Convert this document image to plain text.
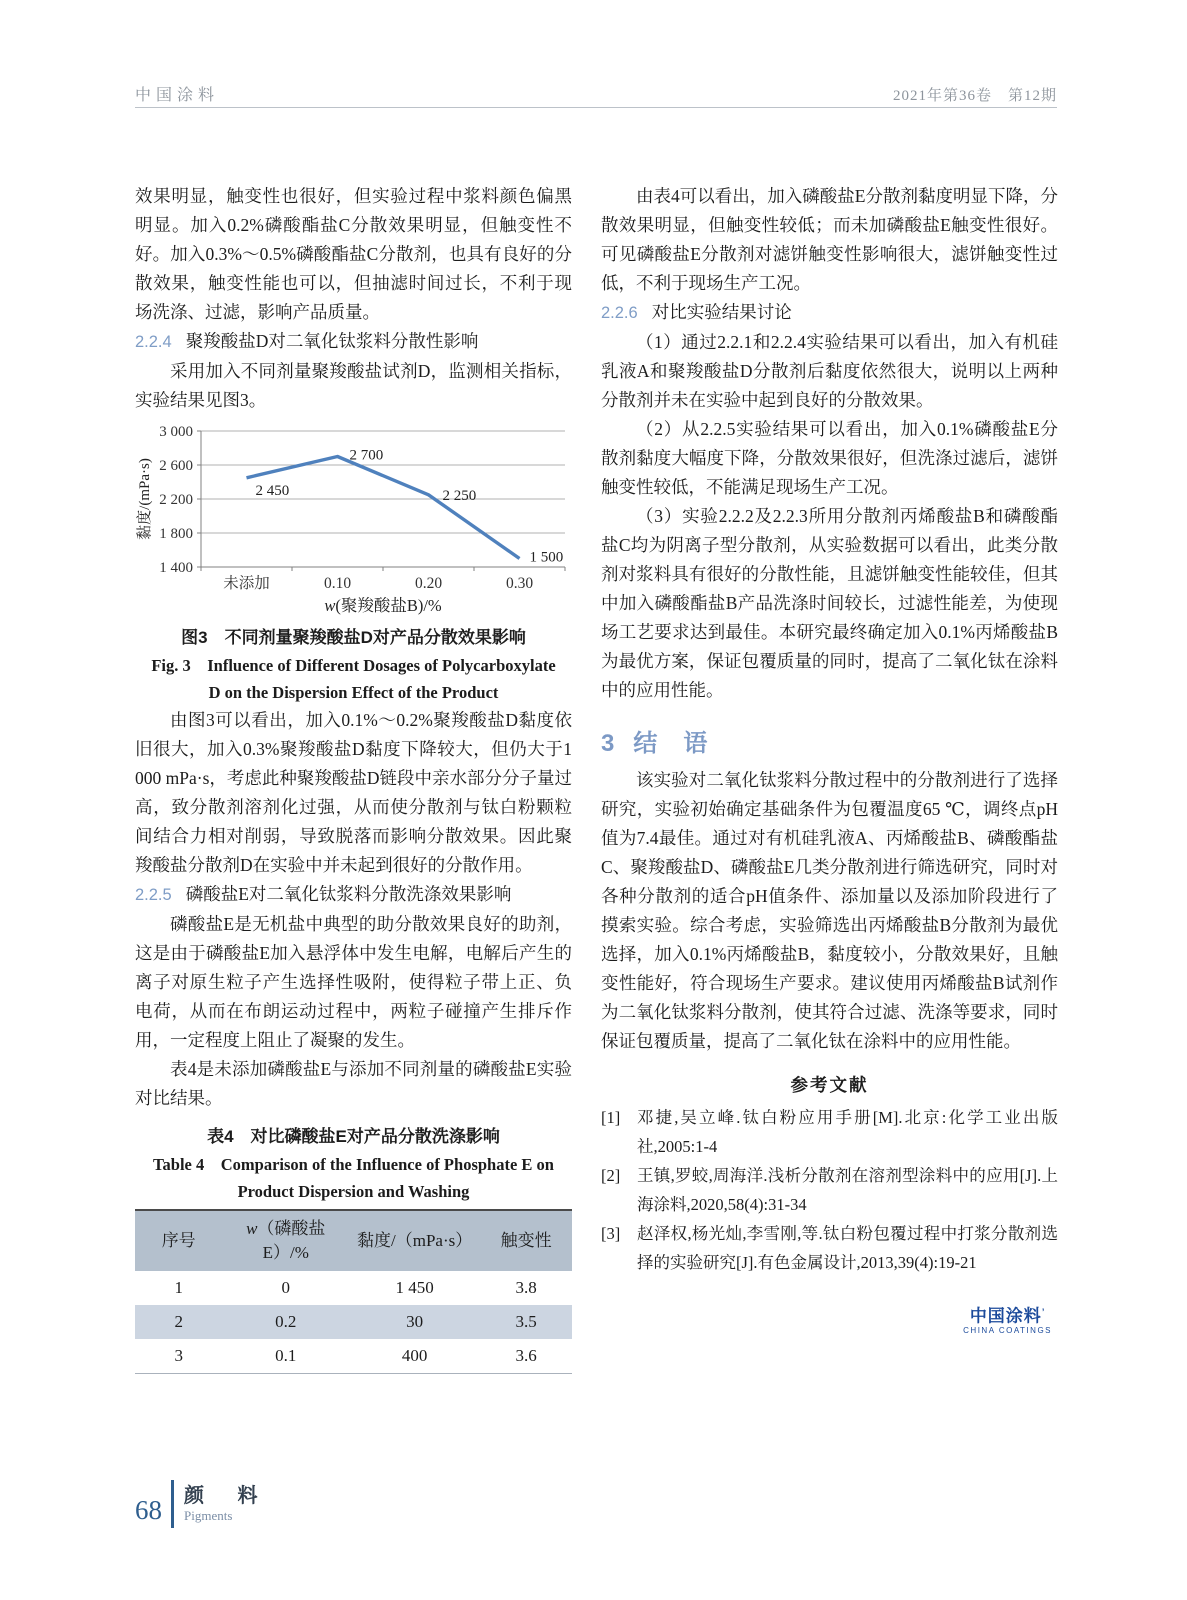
中国涂料	2021年第36卷　第12期

效果明显，触变性也很好，但实验过程中浆料颜色偏黑明显。加入0.2%磷酸酯盐C分散效果明显，但触变性不好。加入0.3%～0.5%磷酸酯盐C分散剂，也具有良好的分散效果，触变性能也可以，但抽滤时间过长，不利于现场洗涤、过滤，影响产品质量。

2.2.4 聚羧酸盐D对二氧化钛浆料分散性影响

采用加入不同剂量聚羧酸盐试剂D，监测相关指标，实验结果见图3。

1 400
1 800
2 200
2 600
3 000
未添加	0.10	0.20	0.30
2 450
2 700
2 250
1 500
黏度/(mPa·s)
w(聚羧酸盐B)/%
图3　不同剂量聚羧酸盐D对产品分散效果影响
Fig. 3　Influence of Different Dosages of Polycarboxylate
D on the Dispersion Effect of the Product

由图3可以看出，加入0.1%～0.2%聚羧酸盐D黏度依旧很大，加入0.3%聚羧酸盐D黏度下降较大，但仍大于1 000 mPa·s，考虑此种聚羧酸盐D链段中亲水部分分子量过高，致分散剂溶剂化过强，从而使分散剂与钛白粉颗粒间结合力相对削弱，导致脱落而影响分散效果。因此聚羧酸盐分散剂D在实验中并未起到很好的分散作用。

2.2.5 磷酸盐E对二氧化钛浆料分散洗涤效果影响

磷酸盐E是无机盐中典型的助分散效果良好的助剂，这是由于磷酸盐E加入悬浮体中发生电解，电解后产生的离子对原生粒子产生选择性吸附，使得粒子带上正、负电荷，从而在布朗运动过程中，两粒子碰撞产生排斥作用，一定程度上阻止了凝聚的发生。

表4是未添加磷酸盐E与添加不同剂量的磷酸盐E实验对比结果。

表4　对比磷酸盐E对产品分散洗涤影响
Table 4　Comparison of the Influence of Phosphate E on
Product Dispersion and Washing
序号	w（磷酸盐E）/%	黏度/（mPa·s）	触变性
1	0	1 450	3.8
2	0.2	30	3.5
3	0.1	400	3.6

由表4可以看出，加入磷酸盐E分散剂黏度明显下降，分散效果明显，但触变性较低；而未加磷酸盐E触变性很好。可见磷酸盐E分散剂对滤饼触变性影响很大，滤饼触变性过低，不利于现场生产工况。

2.2.6 对比实验结果讨论

（1）通过2.2.1和2.2.4实验结果可以看出，加入有机硅乳液A和聚羧酸盐D分散剂后黏度依然很大，说明以上两种分散剂并未在实验中起到良好的分散效果。

（2）从2.2.5实验结果可以看出，加入0.1%磷酸盐E分散剂黏度大幅度下降，分散效果很好，但洗涤过滤后，滤饼触变性较低，不能满足现场生产工况。

（3）实验2.2.2及2.2.3所用分散剂丙烯酸盐B和磷酸酯盐C均为阴离子型分散剂，从实验数据可以看出，此类分散剂对浆料具有很好的分散性能，且滤饼触变性能较佳，但其中加入磷酸酯盐B产品洗涤时间较长，过滤性能差，为使现场工艺要求达到最佳。本研究最终确定加入0.1%丙烯酸盐B为最优方案，保证包覆质量的同时，提高了二氧化钛在涂料中的应用性能。

3 结　语

该实验对二氧化钛浆料分散过程中的分散剂进行了选择研究，实验初始确定基础条件为包覆温度65 ℃，调终点pH值为7.4最佳。通过对有机硅乳液A、丙烯酸盐B、磷酸酯盐C、聚羧酸盐D、磷酸盐E几类分散剂进行筛选研究，同时对各种分散剂的适合pH值条件、添加量以及添加阶段进行了摸索实验。综合考虑，实验筛选出丙烯酸盐B分散剂为最优选择，加入0.1%丙烯酸盐B，黏度较小，分散效果好，且触变性能好，符合现场生产要求。建议使用丙烯酸盐B试剂作为二氧化钛浆料分散剂，使其符合过滤、洗涤等要求，同时保证包覆质量，提高了二氧化钛在涂料中的应用性能。

参考文献
[1]	邓捷,吴立峰.钛白粉应用手册[M].北京:化学工业出版社,2005:1-4
[2]	王镇,罗蛟,周海洋.浅析分散剂在溶剂型涂料中的应用[J].上海涂料,2020,58(4):31-34
[3]	赵泽权,杨光灿,李雪刚,等.钛白粉包覆过程中打浆分散剂选择的实验研究[J].有色金属设计,2013,39(4):19-21
中国涂料’
CHINA COATINGS
68 颜 料
Pigments
